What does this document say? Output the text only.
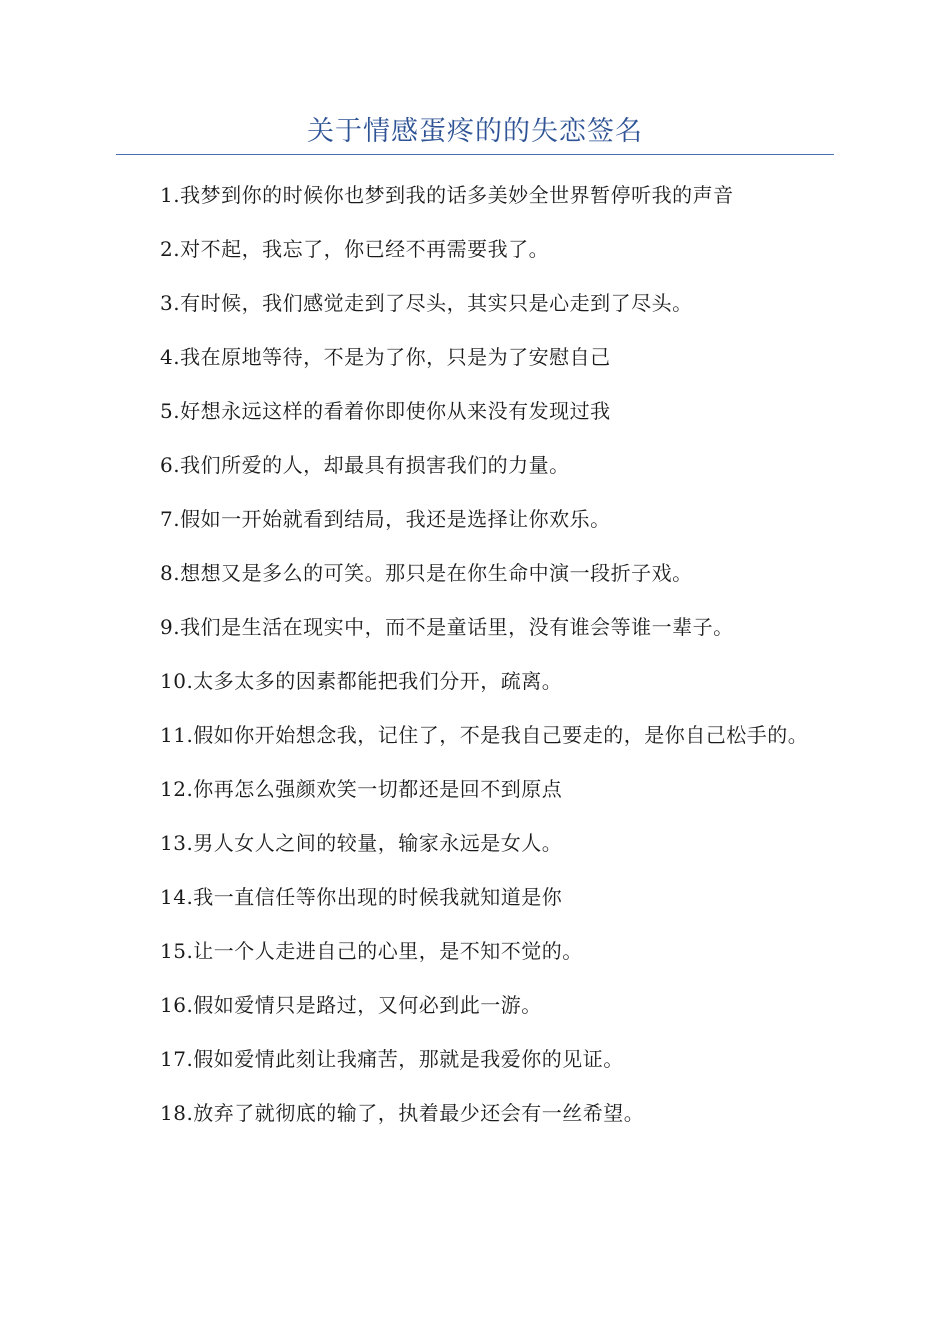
关于情感蛋疼的的失恋签名
1.我梦到你的时候你也梦到我的话多美妙全世界暂停听我的声音
2.对不起，我忘了，你已经不再需要我了。
3.有时候，我们感觉走到了尽头，其实只是心走到了尽头。
4.我在原地等待，不是为了你，只是为了安慰自己
5.好想永远这样的看着你即使你从来没有发现过我
6.我们所爱的人，却最具有损害我们的力量。
7.假如一开始就看到结局，我还是选择让你欢乐。
8.想想又是多么的可笑。那只是在你生命中演一段折子戏。
9.我们是生活在现实中，而不是童话里，没有谁会等谁一辈子。
10.太多太多的因素都能把我们分开，疏离。
11.假如你开始想念我，记住了，不是我自己要走的，是你自己松手的。
12.你再怎么强颜欢笑一切都还是回不到原点
13.男人女人之间的较量，输家永远是女人。
14.我一直信任等你出现的时候我就知道是你
15.让一个人走进自己的心里，是不知不觉的。
16.假如爱情只是路过，又何必到此一游。
17.假如爱情此刻让我痛苦，那就是我爱你的见证。
18.放弃了就彻底的输了，执着最少还会有一丝希望。
